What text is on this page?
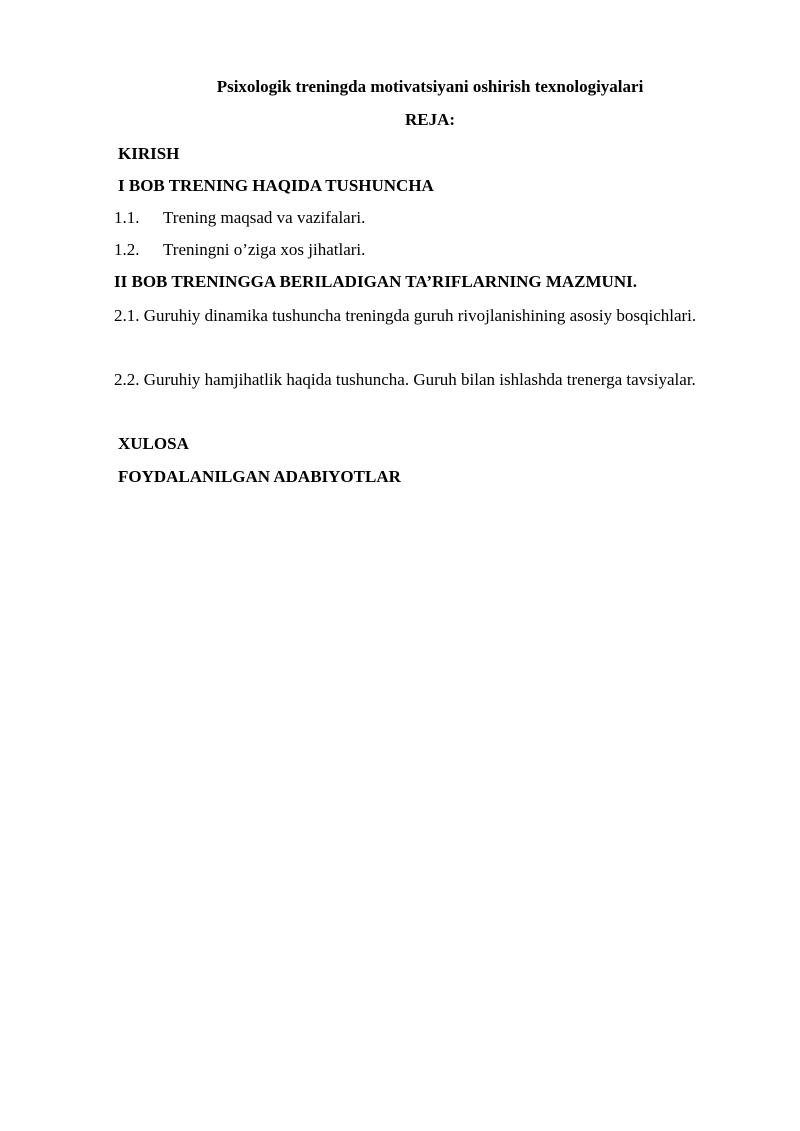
Psixologik treningda motivatsiyani oshirish texnologiyalari
REJA:
KIRISH
I BOB TRENING HAQIDA TUSHUNCHA
1.1. Trening maqsad va vazifalari.
1.2. Treningni o’ziga xos jihatlari.
II BOB TRENINGGA BERILADIGAN TA’RIFLARNING MAZMUNI.
2.1. Guruhiy dinamika tushuncha treningda guruh rivojlanishining asosiy bosqichlari.
2.2. Guruhiy hamjihatlik haqida tushuncha. Guruh bilan ishlashda trenerga tavsiyalar.
XULOSA
FOYDALANILGAN ADABIYOTLAR
